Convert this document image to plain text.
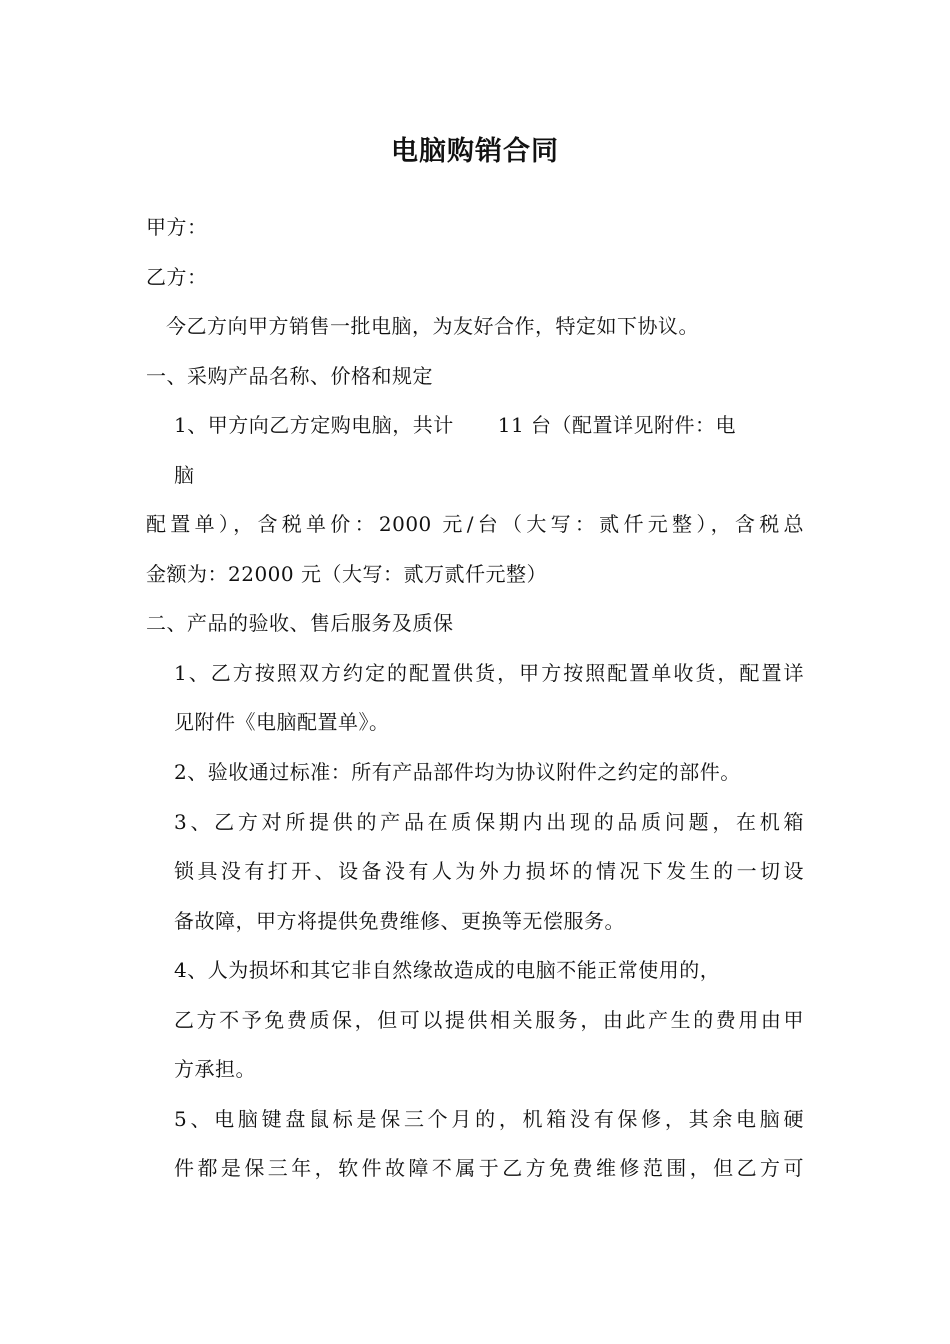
电脑购销合同
甲方：
乙方：
今乙方向甲方销售一批电脑，为友好合作，特定如下协议。
一、采购产品名称、价格和规定
1、甲方向乙方定购电脑，共计 11 台（配置详见附件：电
脑
配置单），含税单价：2000 元/台（大写：贰仟元整），含税总
金额为：22000 元（大写：贰万贰仟元整）
二、产品的验收、售后服务及质保
1、乙方按照双方约定的配置供货，甲方按照配置单收货，配置详
见附件《电脑配置单》。
2、验收通过标准：所有产品部件均为协议附件之约定的部件。
3、乙方对所提供的产品在质保期内出现的品质问题，在机箱
锁具没有打开、设备没有人为外力损坏的情况下发生的一切设
备故障，甲方将提供免费维修、更换等无偿服务。
4、人为损坏和其它非自然缘故造成的电脑不能正常使用的，
乙方不予免费质保，但可以提供相关服务，由此产生的费用由甲
方承担。
5、电脑键盘鼠标是保三个月的，机箱没有保修，其余电脑硬
件都是保三年，软件故障不属于乙方免费维修范围，但乙方可
